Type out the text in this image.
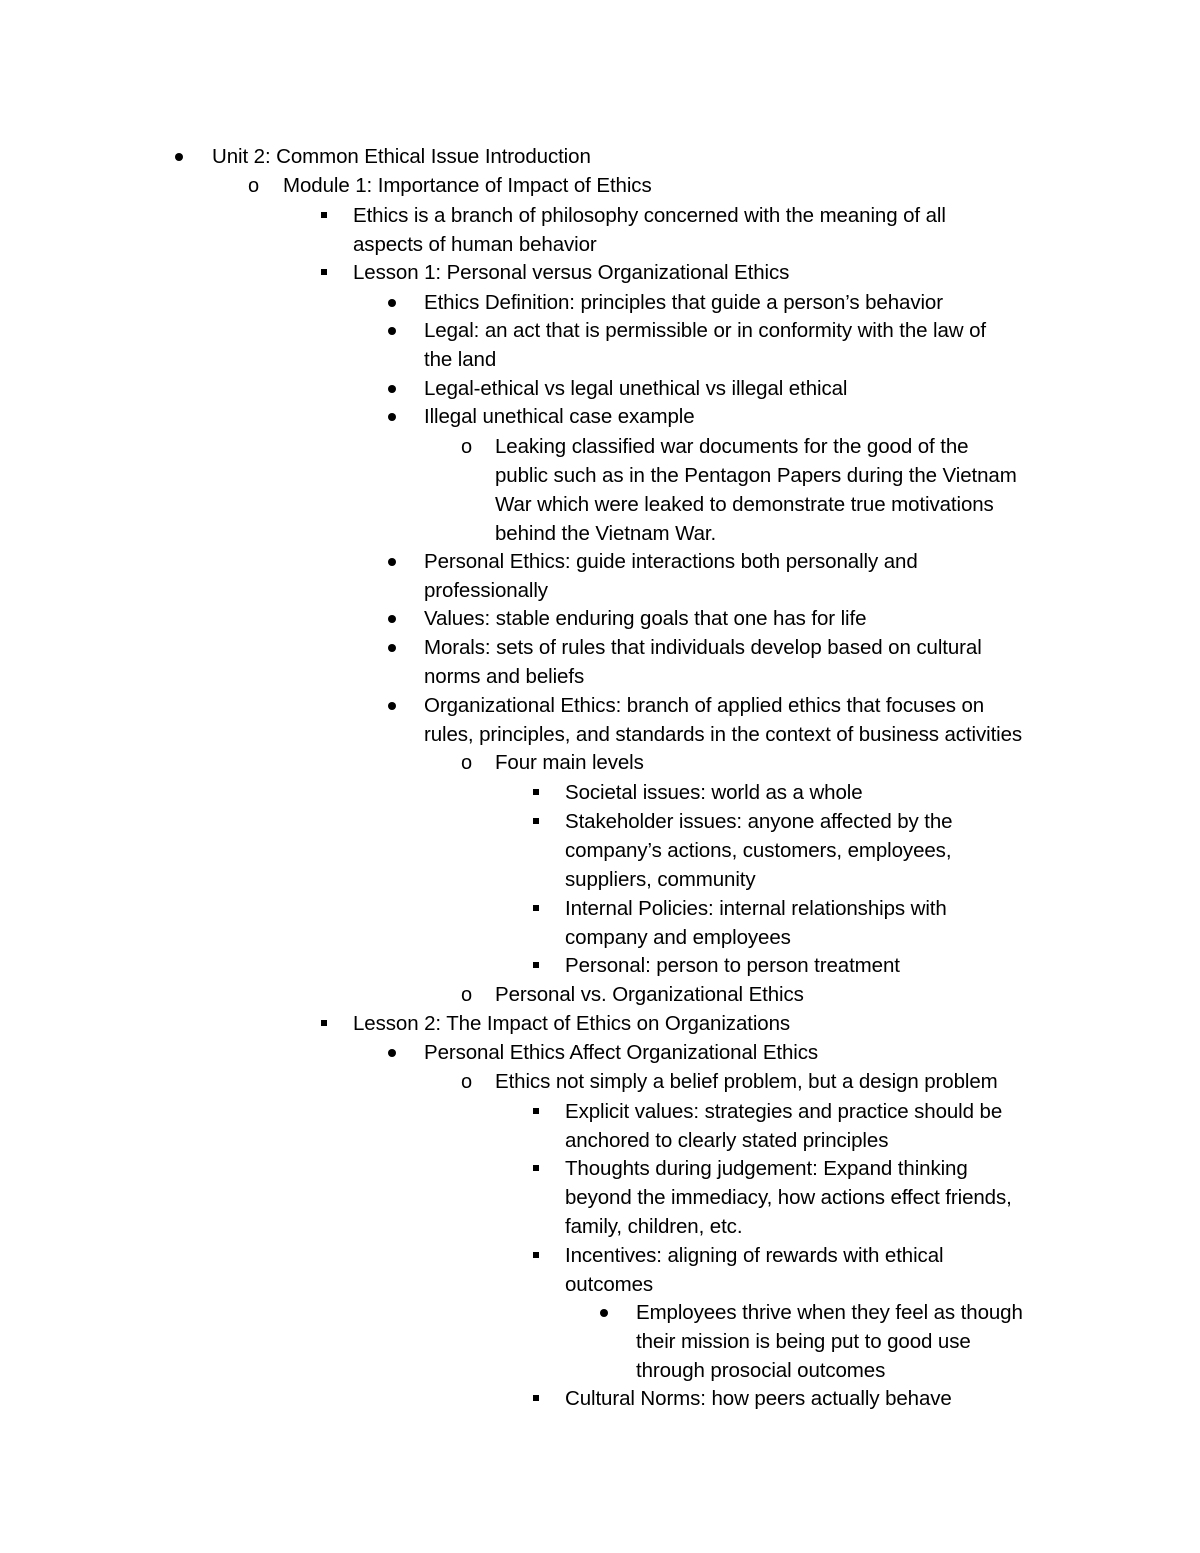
Unit 2: Common Ethical Issue Introduction
o Module 1: Importance of Impact of Ethics
Ethics is a branch of philosophy concerned with the meaning of all
aspects of human behavior
Lesson 1: Personal versus Organizational Ethics
Ethics Definition: principles that guide a person’s behavior
Legal: an act that is permissible or in conformity with the law of
the land
Legal-ethical vs legal unethical vs illegal ethical
Illegal unethical case example
o Leaking classified war documents for the good of the
public such as in the Pentagon Papers during the Vietnam
War which were leaked to demonstrate true motivations
behind the Vietnam War.
Personal Ethics: guide interactions both personally and
professionally
Values: stable enduring goals that one has for life
Morals: sets of rules that individuals develop based on cultural
norms and beliefs
Organizational Ethics: branch of applied ethics that focuses on
rules, principles, and standards in the context of business activities
o Four main levels
Societal issues: world as a whole
Stakeholder issues: anyone affected by the
company’s actions, customers, employees,
suppliers, community
Internal Policies: internal relationships with
company and employees
Personal: person to person treatment
o Personal vs. Organizational Ethics
Lesson 2: The Impact of Ethics on Organizations
Personal Ethics Affect Organizational Ethics
o Ethics not simply a belief problem, but a design problem
Explicit values: strategies and practice should be
anchored to clearly stated principles
Thoughts during judgement: Expand thinking
beyond the immediacy, how actions effect friends,
family, children, etc.
Incentives: aligning of rewards with ethical
outcomes
Employees thrive when they feel as though
their mission is being put to good use
through prosocial outcomes
Cultural Norms: how peers actually behave
